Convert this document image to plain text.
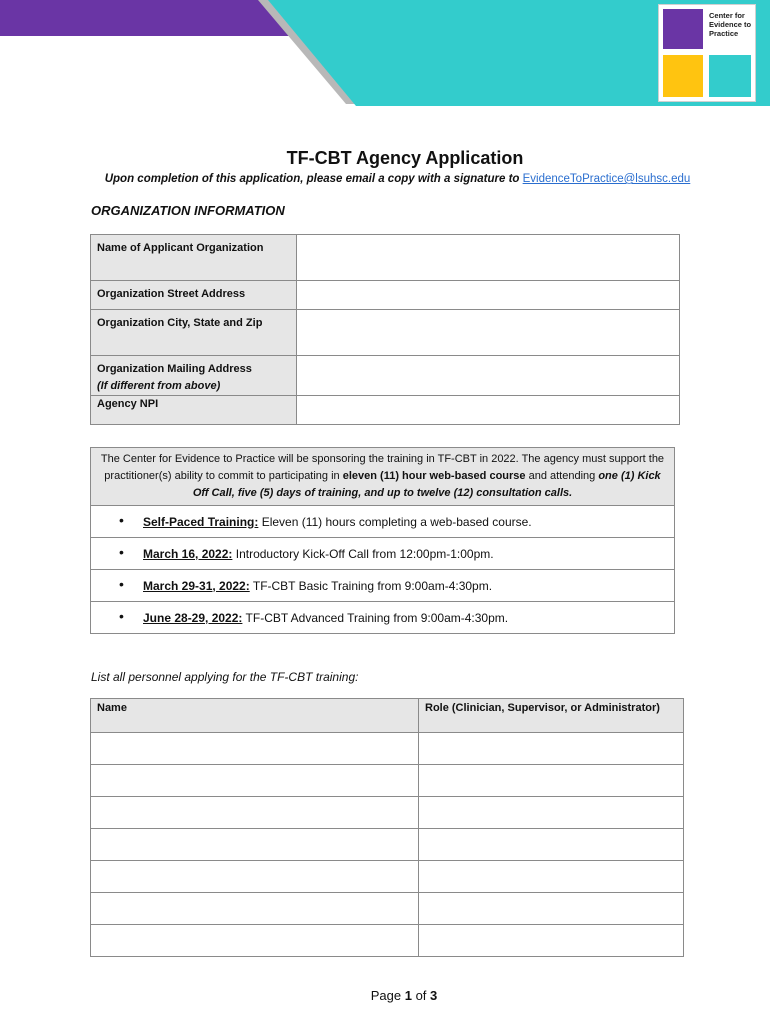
Center for Evidence to Practice
TF-CBT Agency Application
Upon completion of this application, please email a copy with a signature to EvidenceToPractice@lsuhsc.edu
ORGANIZATION INFORMATION
Name of Applicant Organization	
Organization Street Address	
Organization City, State and Zip	
Organization Mailing Address
(If different from above)	
Agency NPI	
The Center for Evidence to Practice will be sponsoring the training in TF-CBT in 2022. The agency must support the practitioner(s) ability to commit to participating in eleven (11) hour web-based course and attending one (1) Kick Off Call, five (5) days of training, and up to twelve (12) consultation calls.
• Self-Paced Training: Eleven (11) hours completing a web-based course.
• March 16, 2022: Introductory Kick-Off Call from 12:00pm-1:00pm.
• March 29-31, 2022: TF-CBT Basic Training from 9:00am-4:30pm.
• June 28-29, 2022: TF-CBT Advanced Training from 9:00am-4:30pm.
List all personnel applying for the TF-CBT training:
Name	Role (Clinician, Supervisor, or Administrator)

Page 1 of 3
